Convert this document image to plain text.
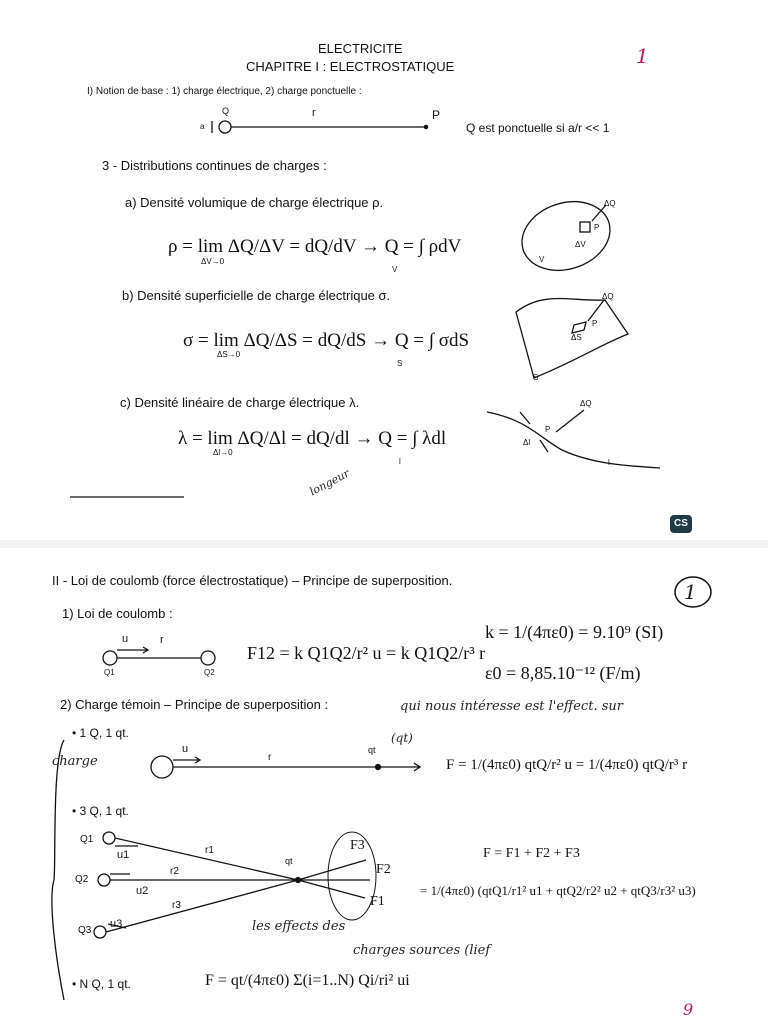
ELECTRICITE
CHAPITRE I : ELECTROSTATIQUE	1
I) Notion de base : 1) charge électrique, 2) charge ponctuelle :
Q
a
r	P
Q est ponctuelle si a/r << 1
3 - Distributions continues de charges :
a) Densité volumique de charge électrique ρ.
ρ = lim ΔQ/ΔV = dQ/dV → Q = ∫ ρdV
ΔV→0
V
ΔQ
P
ΔV
V
b) Densité superficielle de charge électrique σ.
σ = lim ΔQ/ΔS = dQ/dS → Q = ∫ σdS
ΔS→0
S
ΔQ
P
ΔS
S
c) Densité linéaire de charge électrique λ.
λ = lim ΔQ/Δl = dQ/dl → Q = ∫ λdl
Δl→0
l
ΔQ
P
Δl
l
longeur
CS
II - Loi de coulomb (force électrostatique) – Principe de superposition.	1
1) Loi de coulomb :
u	r
Q1	Q2
F12 = k Q1Q2/r² u = k Q1Q2/r³ r
k = 1/(4πε0) = 9.10⁹ (SI)
ε0 = 8,85.10⁻¹² (F/m)
2) Charge témoin – Principe de superposition :	qui nous intéresse est l'effect. sur
• 1 Q, 1 qt.
charge
(qt)
u
r
qt
F = 1/(4πε0) qtQ/r² u = 1/(4πε0) qtQ/r³ r
• 3 Q, 1 qt.
Q1
Q2
Q3
u1
u2
u3
r1
r2
r3
qt
F3
F2
F1
F = F1 + F2 + F3
= 1/(4πε0) (qtQ1/r1² u1 + qtQ2/r2² u2 + qtQ3/r3² u3)
les effects des
charges sources (lief
• N Q, 1 qt.	F = qt/(4πε0) Σ(i=1..N) Qi/ri² ui
9
